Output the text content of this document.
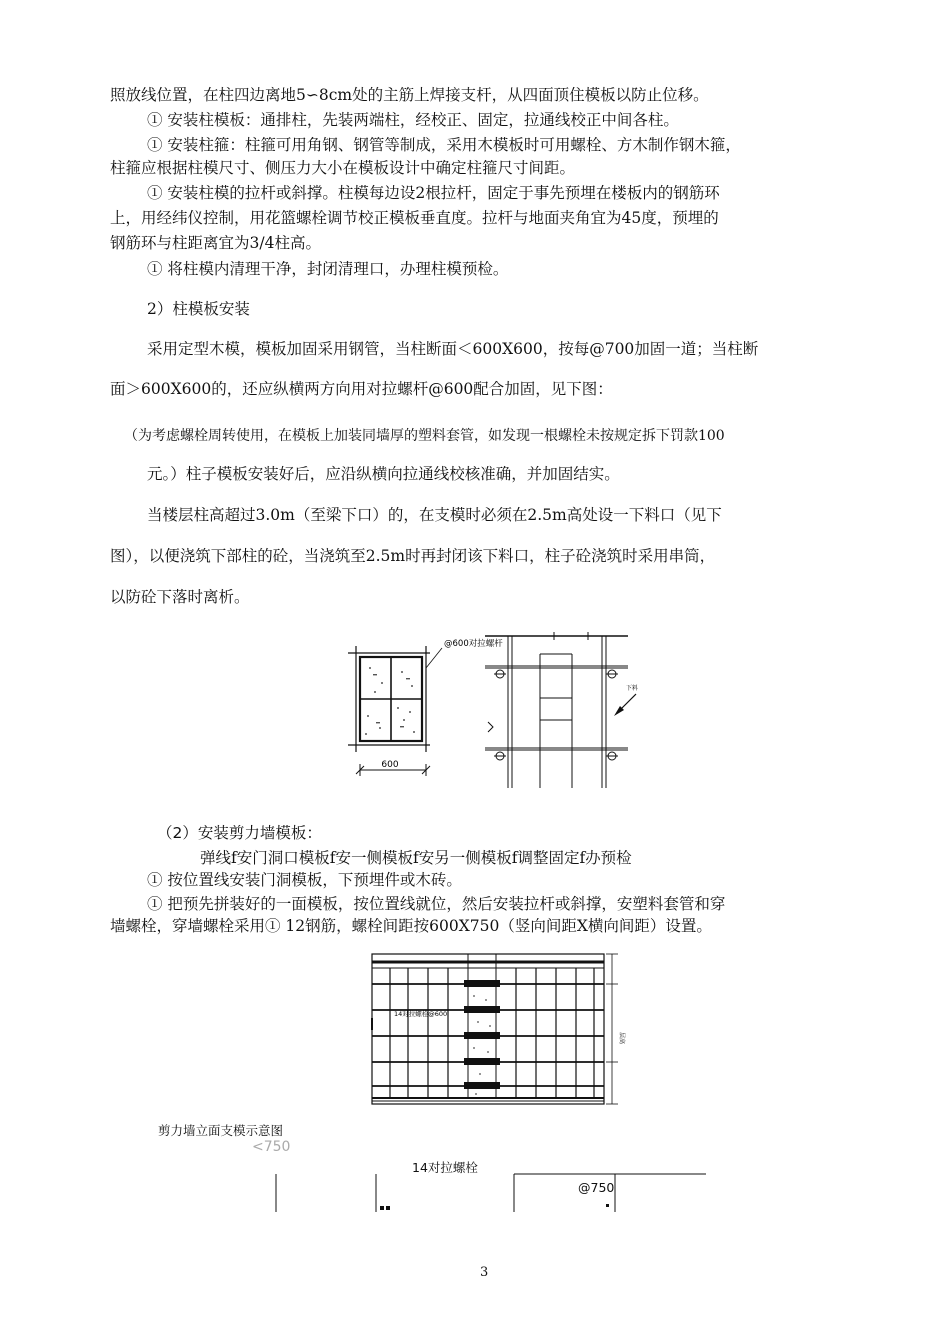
照放线位置，在柱四边离地5∽8cm处的主筋上焊接支杆，从四面顶住模板以防止位移。
① 安装柱模板：通排柱，先装两端柱，经校正、固定，拉通线校正中间各柱。
① 安装柱箍：柱箍可用角钢、钢管等制成，采用木模板时可用螺栓、方木制作钢木箍，
柱箍应根据柱模尺寸、侧压力大小在模板设计中确定柱箍尺寸间距。
① 安装柱模的拉杆或斜撑。柱模每边设2根拉杆，固定于事先预埋在楼板内的钢筋环
上，用经纬仪控制，用花篮螺栓调节校正模板垂直度。拉杆与地面夹角宜为45度，预埋的
钢筋环与柱距离宜为3/4柱高。
① 将柱模内清理干净，封闭清理口，办理柱模预检。
2）柱模板安装
采用定型木模，模板加固采用钢管，当柱断面＜600X600，按每@700加固一道；当柱断
面＞600X600的，还应纵横两方向用对拉螺杆@600配合加固，见下图：
（为考虑螺栓周转使用，在模板上加装同墙厚的塑料套管，如发现一根螺栓未按规定拆下罚款100
元。）柱子模板安装好后，应沿纵横向拉通线校核准确，并加固结实。
当楼层柱高超过3.0m（至梁下口）的，在支模时必须在2.5m高处设一下料口（见下
图），以便浇筑下部柱的砼，当浇筑至2.5m时再封闭该下料口，柱子砼浇筑时采用串筒，
以防砼下落时离析。
600
@600对拉螺杆
下料
（2）安装剪力墙模板：
弹线f安门洞口模板f安一侧模板f安另一侧模板f调整固定f办预检
① 按位置线安装门洞模板，下预埋件或木砖。
① 把预先拼装好的一面模板，按位置线就位，然后安装拉杆或斜撑，安塑料套管和穿
墙螺栓，穿墙螺栓采用① 12钢筋，螺栓间距按600X750（竖向间距X横向间距）设置。
14对拉螺栓@600
层高
剪力墙立面支模示意图
<750
14对拉螺栓
@750
3
